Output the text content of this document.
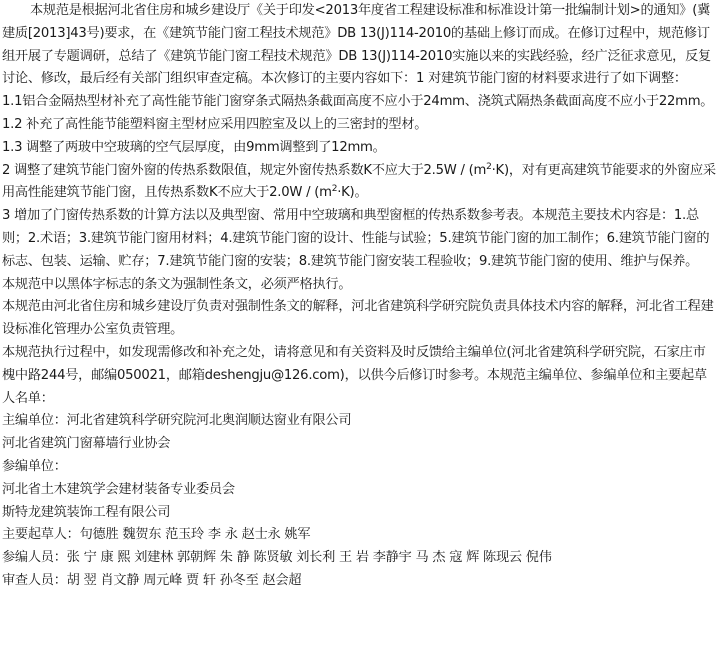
本规范是根据河北省住房和城乡建设厅《关于印发<2013年度省工程建设标准和标准设计第一批编制计划>的通知》(冀建质[2013]43号)要求，在《建筑节能门窗工程技术规范》DB 13(J)114-2010的基础上修订而成。在修订过程中，规范修订组开展了专题调研，总结了《建筑节能门窗工程技术规范》DB 13(J)114-2010实施以来的实践经验，经广泛征求意见，反复讨论、修改，最后经有关部门组织审查定稿。本次修订的主要内容如下：1 对建筑节能门窗的材料要求进行了如下调整：

1.1铝合金隔热型材补充了高性能节能门窗穿条式隔热条截面高度不应小于24mm、浇筑式隔热条截面高度不应小于22mm。

1.2 补充了高性能节能塑料窗主型材应采用四腔室及以上的三密封的型材。

1.3 调整了两玻中空玻璃的空气层厚度，由9mm调整到了12mm。

2 调整了建筑节能门窗外窗的传热系数限值，规定外窗传热系数K不应大于$2.5W / (m^2\cdot K)$，对有更高建筑节能要求的外窗应采用高性能建筑节能门窗，且传热系数K不应大于$2.0W / (m^2\cdot K)$。

3 增加了门窗传热系数的计算方法以及典型窗、常用中空玻璃和典型窗框的传热系数参考表。本规范主要技术内容是：1.总则；2.术语；3.建筑节能门窗用材料；4.建筑节能门窗的设计、性能与试验；5.建筑节能门窗的加工制作；6.建筑节能门窗的标志、包装、运输、贮存；7.建筑节能门窗的安装；8.建筑节能门窗安装工程验收；9.建筑节能门窗的使用、维护与保养。

本规范中以黑体字标志的条文为强制性条文，必须严格执行。

本规范由河北省住房和城乡建设厅负责对强制性条文的解释，河北省建筑科学研究院负责具体技术内容的解释，河北省工程建设标准化管理办公室负责管理。

本规范执行过程中，如发现需修改和补充之处，请将意见和有关资料及时反馈给主编单位(河北省建筑科学研究院，石家庄市槐中路244号，邮编050021，邮箱deshengju@126.com)，以供今后修订时参考。本规范主编单位、参编单位和主要起草人名单：

主编单位：河北省建筑科学研究院河北奥润顺达窗业有限公司

河北省建筑门窗幕墙行业协会

参编单位：

河北省土木建筑学会建材装备专业委员会

斯特龙建筑装饰工程有限公司

主要起草人：句德胜 魏贺东 范玉玲 李 永 赵士永 姚军

参编人员：张 宁 康 熙 刘建林 郭朝辉 朱 静 陈贤敏 刘长利 王 岩 李静宇 马 杰 寇 辉 陈现云 倪伟

审查人员：胡 翌 肖文静 周元峰 贾 轩 孙冬至 赵会超
